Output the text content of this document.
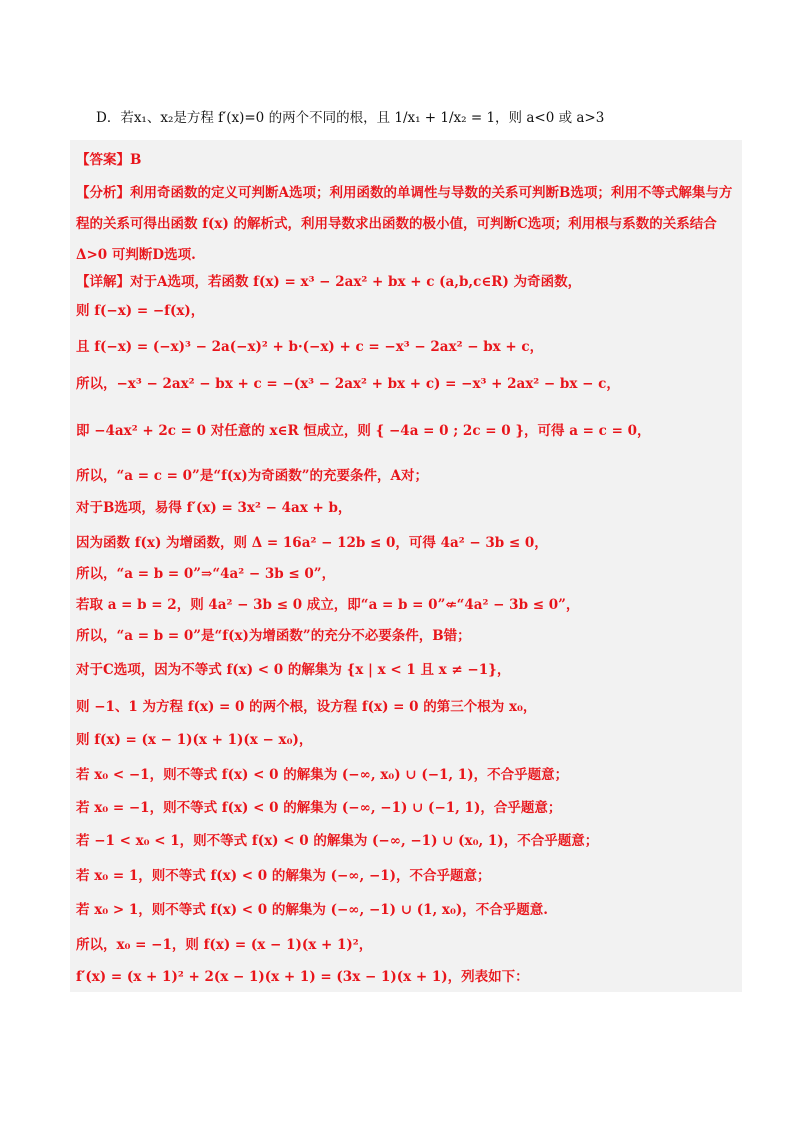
D．若x₁、x₂是方程 f′(x)=0 的两个不同的根，且 1/x₁ + 1/x₂ = 1，则 a<0 或 a>3
【答案】B
【分析】利用奇函数的定义可判断A选项；利用函数的单调性与导数的关系可判断B选项；利用不等式解集与方程的关系可得出函数 f(x) 的解析式，利用导数求出函数的极小值，可判断C选项；利用根与系数的关系结合 Δ>0 可判断D选项.
【详解】对于A选项，若函数 f(x) = x³ − 2ax² + bx + c (a,b,c∈R) 为奇函数，
则 f(−x) = −f(x)，
且 f(−x) = (−x)³ − 2a(−x)² + b·(−x) + c = −x³ − 2ax² − bx + c，
所以，−x³ − 2ax² − bx + c = −(x³ − 2ax² + bx + c) = −x³ + 2ax² − bx − c，
即 −4ax² + 2c = 0 对任意的 x∈R 恒成立，则 { −4a = 0 ; 2c = 0 }，可得 a = c = 0，
所以，“a = c = 0”是“f(x)为奇函数”的充要条件，A对；
对于B选项，易得 f′(x) = 3x² − 4ax + b，
因为函数 f(x) 为增函数，则 Δ = 16a² − 12b ≤ 0，可得 4a² − 3b ≤ 0，
所以，“a = b = 0”⇒“4a² − 3b ≤ 0”，
若取 a = b = 2，则 4a² − 3b ≤ 0 成立，即“a = b = 0”⇍“4a² − 3b ≤ 0”，
所以，“a = b = 0”是“f(x)为增函数”的充分不必要条件，B错；
对于C选项，因为不等式 f(x) < 0 的解集为 {x | x < 1 且 x ≠ −1}，
则 −1、1 为方程 f(x) = 0 的两个根，设方程 f(x) = 0 的第三个根为 x₀，
则 f(x) = (x − 1)(x + 1)(x − x₀)，
若 x₀ < −1，则不等式 f(x) < 0 的解集为 (−∞, x₀) ∪ (−1, 1)，不合乎题意；
若 x₀ = −1，则不等式 f(x) < 0 的解集为 (−∞, −1) ∪ (−1, 1)，合乎题意；
若 −1 < x₀ < 1，则不等式 f(x) < 0 的解集为 (−∞, −1) ∪ (x₀, 1)，不合乎题意；
若 x₀ = 1，则不等式 f(x) < 0 的解集为 (−∞, −1)，不合乎题意；
若 x₀ > 1，则不等式 f(x) < 0 的解集为 (−∞, −1) ∪ (1, x₀)，不合乎题意.
所以，x₀ = −1，则 f(x) = (x − 1)(x + 1)²，
f′(x) = (x + 1)² + 2(x − 1)(x + 1) = (3x − 1)(x + 1)，列表如下：
